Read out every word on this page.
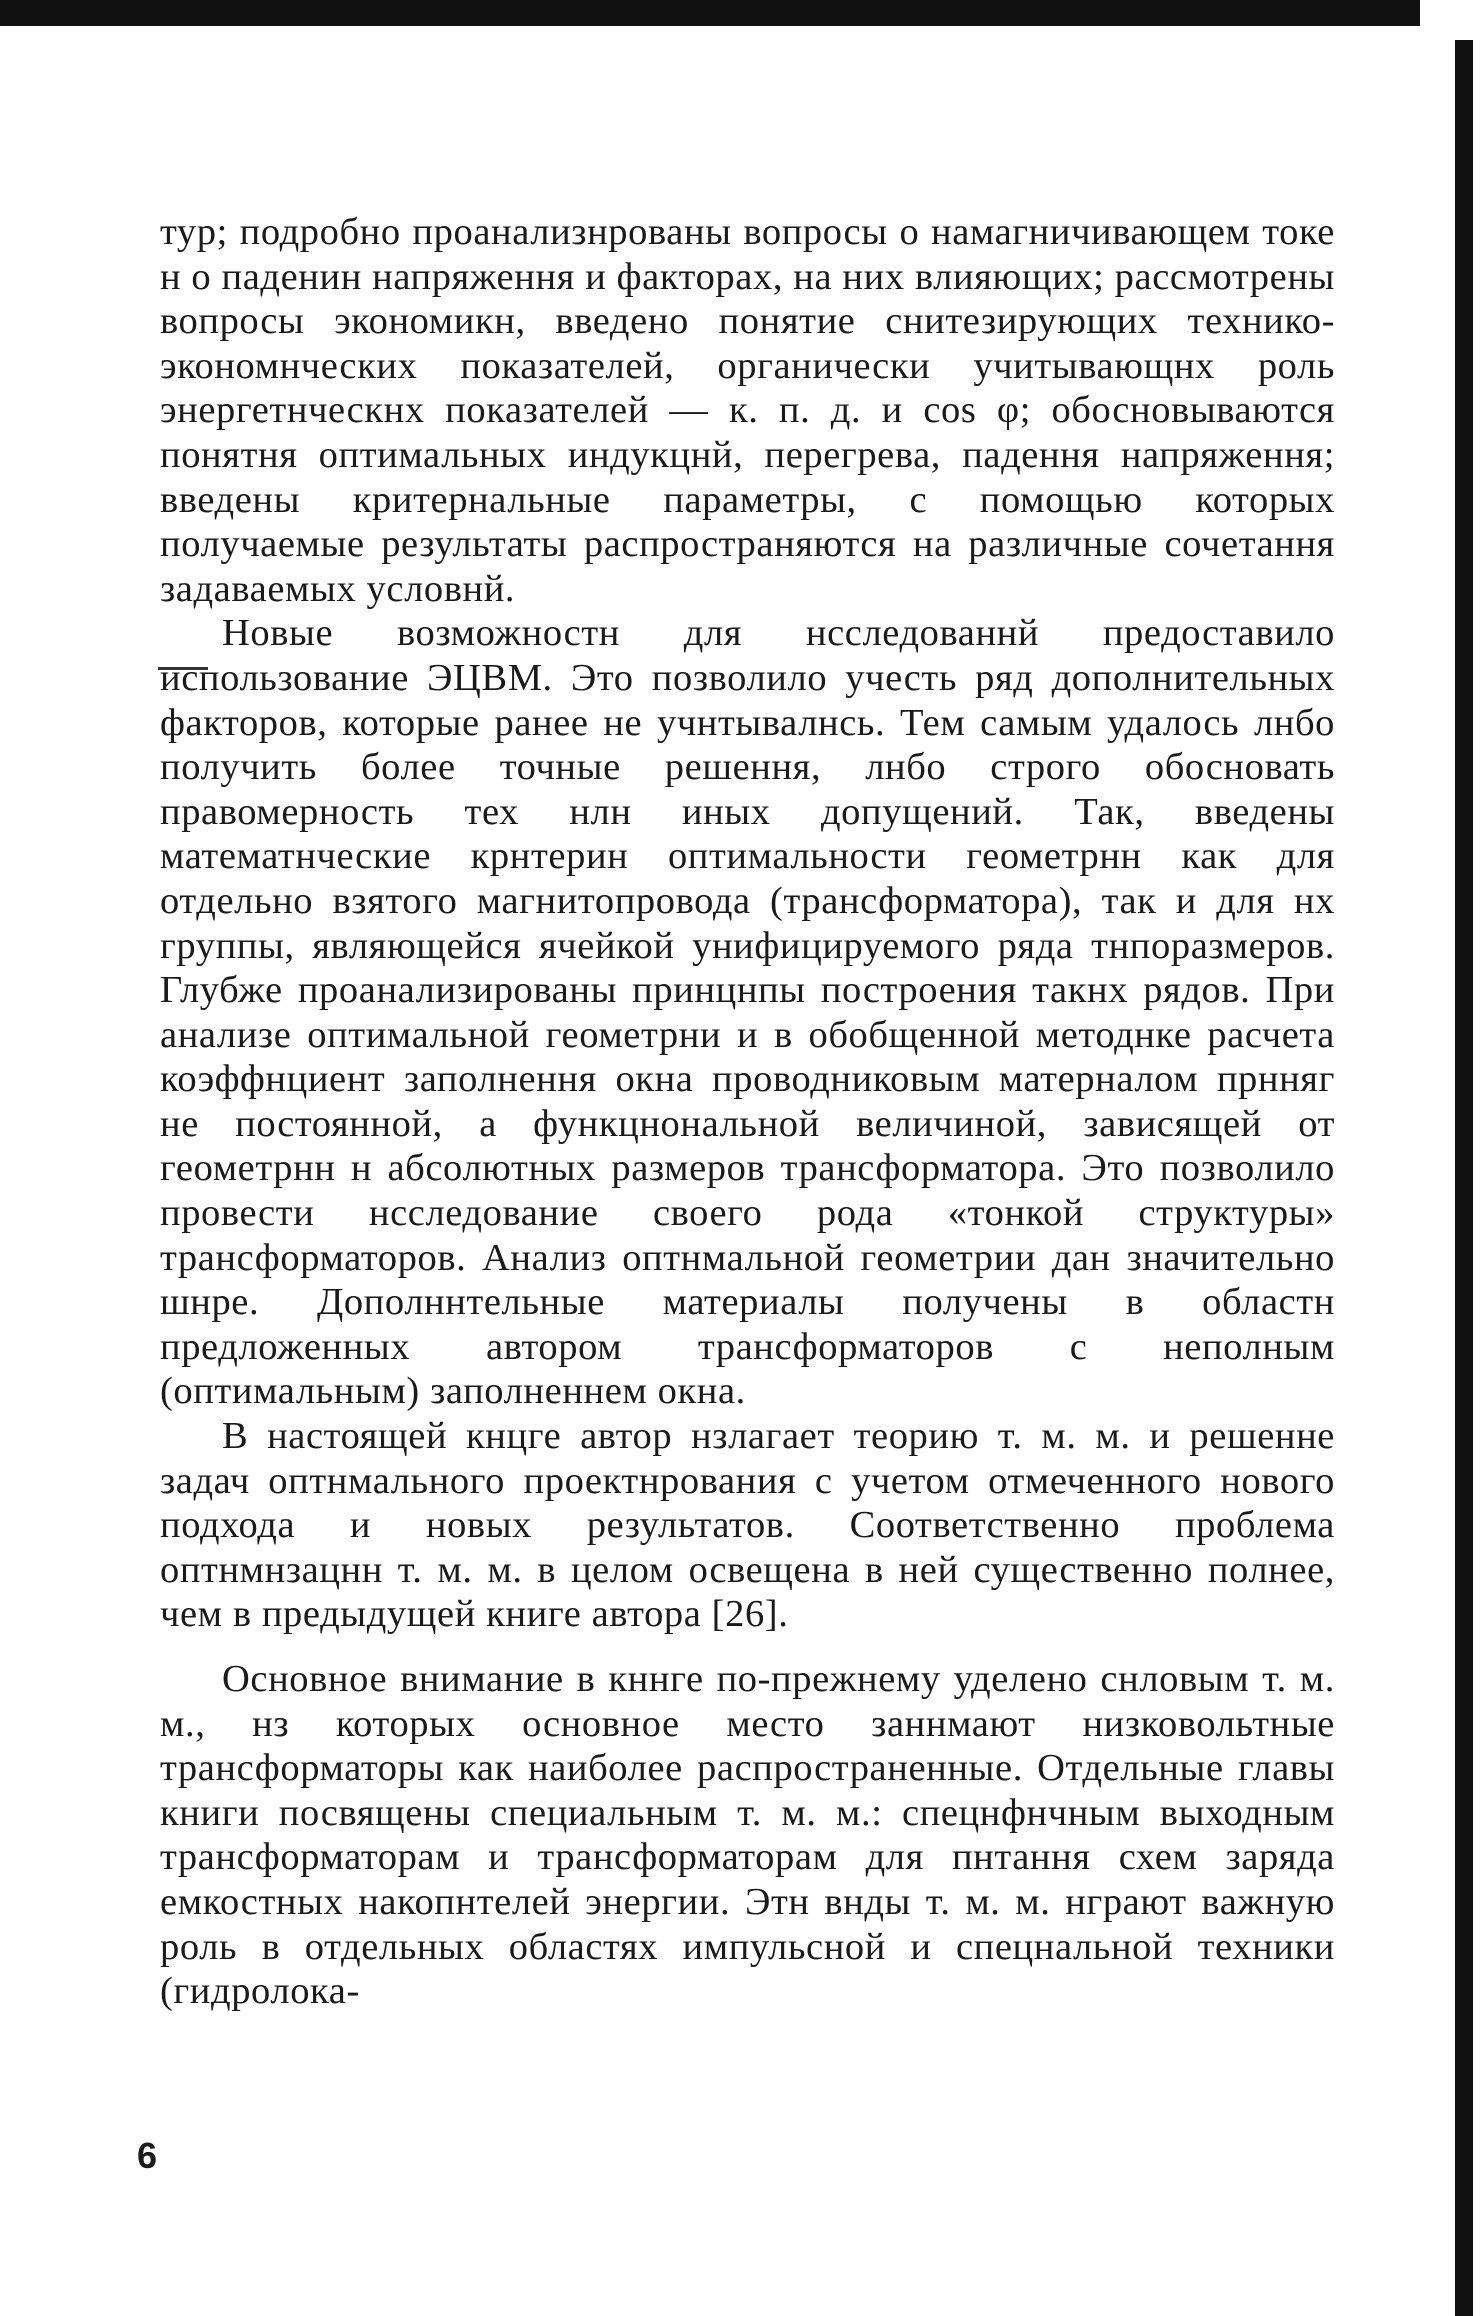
тур; подробно проанализнрованы вопросы о намагничивающем токе н о паденин напряження и факторах, на них влияющих; рассмотрены вопросы экономикн, введено понятие снитезирующих технико-экономнческих показателей, органически учитывающнх роль энергетнческнх показателей — к. п. д. и cos φ; обосновываются понятня оптимальных индукцнй, перегрева, падення напряження; введены критернальные параметры, с помощью которых получаемые результаты распространяются на различные сочетання задаваемых условнй.

Новые возможностн для нсследованнй предоставило использование ЭЦВМ. Это позволило учесть ряд дополнительных факторов, которые ранее не учнтывалнсь. Тем самым удалось лнбо получить более точные решення, лнбо строго обосновать правомерность тех нлн иных допущений. Так, введены математнческие крнтерин оптимальности геометрнн как для отдельно взятого магнитопровода (трансформатора), так и для нх группы, являющейся ячейкой унифицируемого ряда тнпоразмеров. Глубже проанализированы принцнпы построения такнх рядов. При анализе оптимальной геометрни и в обобщенной методнке расчета коэффнциент заполнення окна проводниковым матерналом прнняг не постоянной, а функцнональной величиной, зависящей от геометрнн н абсолютных размеров трансформатора. Это позволило провести нсследование своего рода «тонкой структуры» трансформаторов. Анализ оптнмальной геометрии дан значительно шнре. Дополннтельные материалы получены в областн предложенных автором трансформаторов с неполным (оптимальным) заполненнем окна.

В настоящей кнцге автор нзлагает теорию т. м. м. и решенне задач оптнмального проектнрования с учетом отмеченного нового подхода и новых результатов. Соответственно проблема оптнмнзацнн т. м. м. в целом освещена в ней существенно полнее, чем в предыдущей книге автора [26].

Основное внимание в кннге по-прежнему уделено снловым т. м. м., нз которых основное место заннмают низковольтные трансформаторы как наиболее распространенные. Отдельные главы книги посвящены специальным т. м. м.: спецнфнчным выходным трансформаторам и трансформаторам для пнтання схем заряда емкостных накопнтелей энергии. Этн внды т. м. м. нграют важную роль в отдельных областях импульсной и спецнальной техники (гидролока-

6
